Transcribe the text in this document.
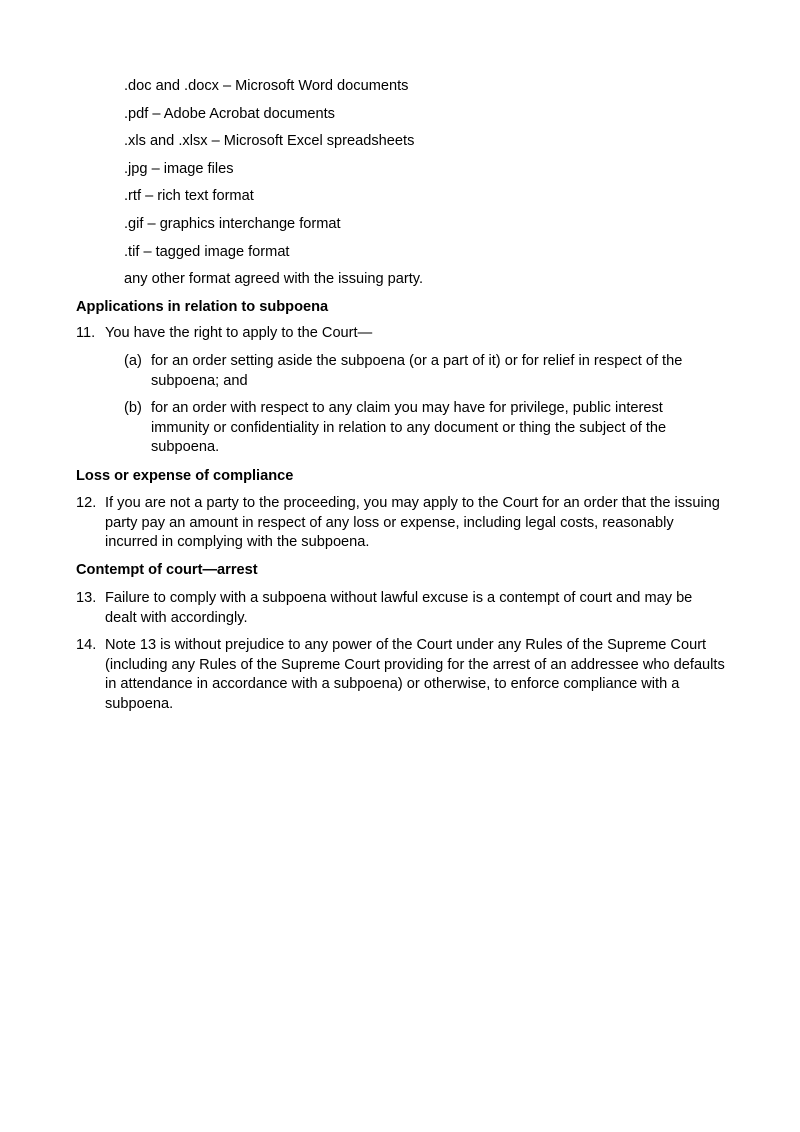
.doc and .docx – Microsoft Word documents
.pdf – Adobe Acrobat documents
.xls and .xlsx – Microsoft Excel spreadsheets
.jpg – image files
.rtf – rich text format
.gif – graphics interchange format
.tif – tagged image format
any other format agreed with the issuing party.
Applications in relation to subpoena
11. You have the right to apply to the Court—
(a) for an order setting aside the subpoena (or a part of it) or for relief in respect of the subpoena; and
(b) for an order with respect to any claim you may have for privilege, public interest immunity or confidentiality in relation to any document or thing the subject of the subpoena.
Loss or expense of compliance
12. If you are not a party to the proceeding, you may apply to the Court for an order that the issuing party pay an amount in respect of any loss or expense, including legal costs, reasonably incurred in complying with the subpoena.
Contempt of court—arrest
13. Failure to comply with a subpoena without lawful excuse is a contempt of court and may be dealt with accordingly.
14. Note 13 is without prejudice to any power of the Court under any Rules of the Supreme Court (including any Rules of the Supreme Court providing for the arrest of an addressee who defaults in attendance in accordance with a subpoena) or otherwise, to enforce compliance with a subpoena.
